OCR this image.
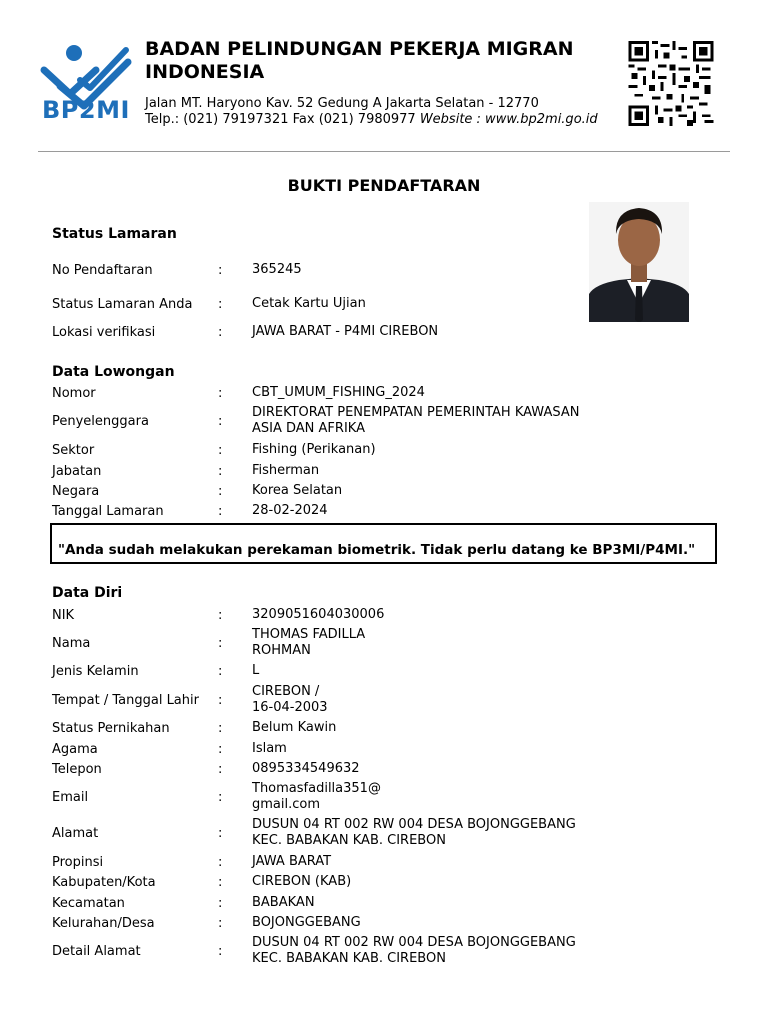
BP2MI
BADAN PELINDUNGAN PEKERJA MIGRAN INDONESIA
Jalan MT. Haryono Kav. 52 Gedung A Jakarta Selatan - 12770
Telp.: (021) 79197321 Fax (021) 7980977 Website : www.bp2mi.go.id
BUKTI PENDAFTARAN
Status Lamaran
No Pendaftaran	: 365245
Status Lamaran Anda : Cetak Kartu Ujian
Lokasi verifikasi	: JAWA BARAT - P4MI CIREBON
Data Lowongan
Nomor	: CBT_UMUM_FISHING_2024
Penyelenggara	:
DIREKTORAT PENEMPATAN PEMERINTAH KAWASAN
ASIA DAN AFRIKA
Sektor	: Fishing (Perikanan)
Jabatan	: Fisherman
Negara	: Korea Selatan
Tanggal Lamaran	: 28-02-2024
"Anda sudah melakukan perekaman biometrik. Tidak perlu datang ke BP3MI/P4MI."
Data Diri
NIK	: 3209051604030006
Nama	:
THOMAS FADILLA
ROHMAN
Jenis Kelamin	: L
Tempat / Tanggal Lahir :
CIREBON /
16-04-2003
Status Pernikahan	: Belum Kawin
Agama	: Islam
Telepon	: 0895334549632
Email	:
Thomasfadilla351@
gmail.com
Alamat	:
DUSUN 04 RT 002 RW 004 DESA BOJONGGEBANG
KEC. BABAKAN KAB. CIREBON
Propinsi	: JAWA BARAT
Kabupaten/Kota	: CIREBON (KAB)
Kecamatan	: BABAKAN
Kelurahan/Desa	: BOJONGGEBANG
Detail Alamat	:
DUSUN 04 RT 002 RW 004 DESA BOJONGGEBANG
KEC. BABAKAN KAB. CIREBON
